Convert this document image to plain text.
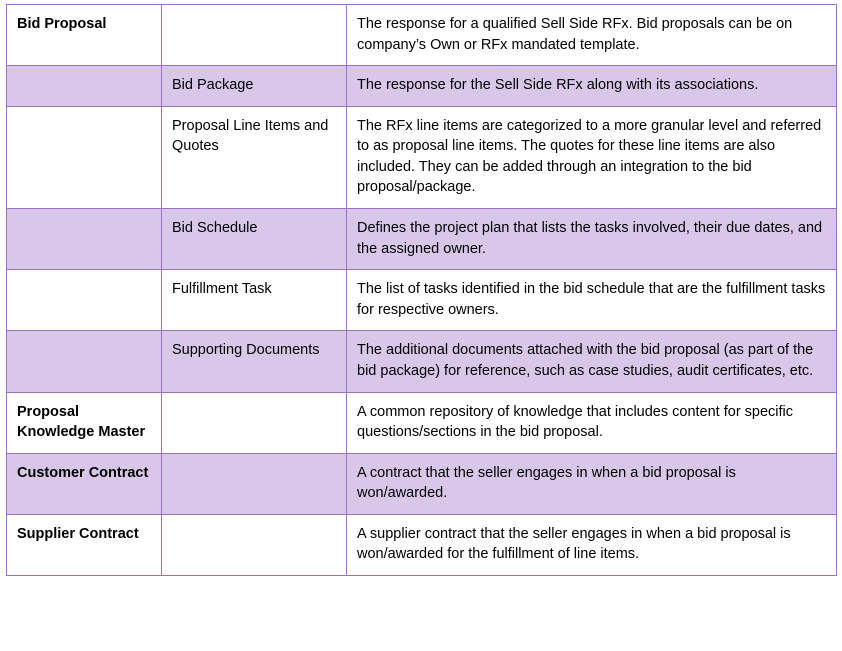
Bid Proposal		The response for a qualified Sell Side RFx. Bid proposals can be on company’s Own or RFx mandated template.
	Bid Package	The response for the Sell Side RFx along with its associations.
	Proposal Line Items and Quotes	The RFx line items are categorized to a more granular level and referred to as proposal line items. The quotes for these line items are also included. They can be added through an integration to the bid proposal/package.
	Bid Schedule	Defines the project plan that lists the tasks involved, their due dates, and the assigned owner.
	Fulfillment Task	The list of tasks identified in the bid schedule that are the fulfillment tasks for respective owners.
	Supporting Documents	The additional documents attached with the bid proposal (as part of the bid package) for reference, such as case studies, audit certificates, etc.
Proposal Knowledge Master		A common repository of knowledge that includes content for specific questions/sections in the bid proposal.
Customer Contract		A contract that the seller engages in when a bid proposal is won/awarded.
Supplier Contract		A supplier contract that the seller engages in when a bid proposal is won/awarded for the fulfillment of line items.
